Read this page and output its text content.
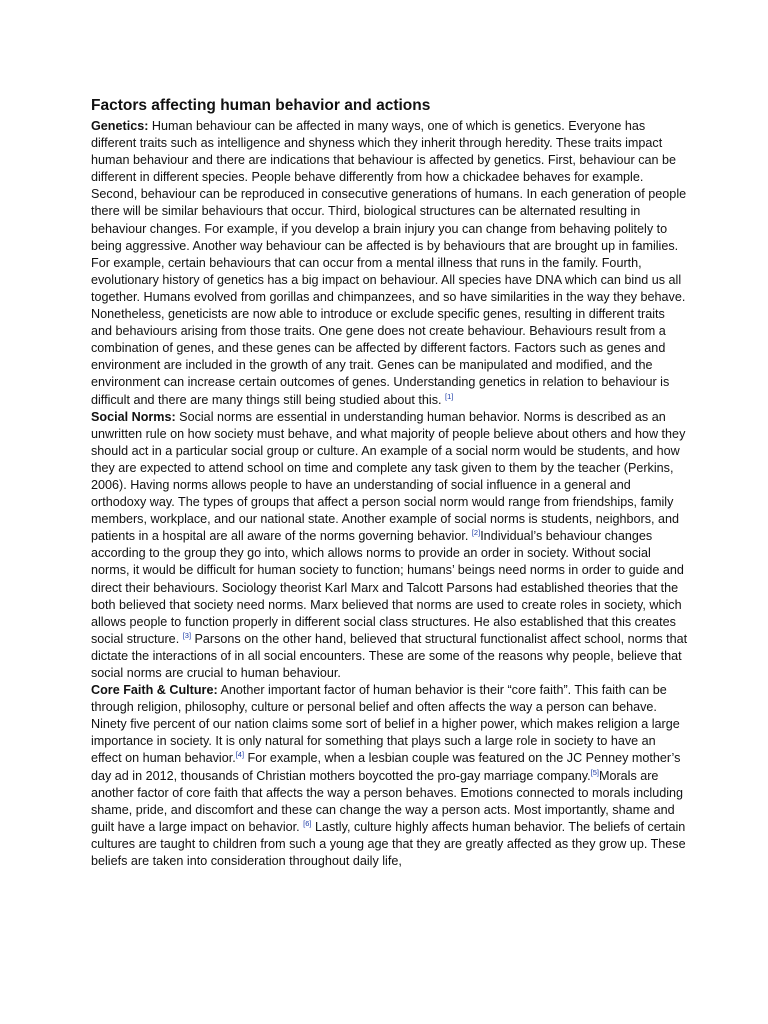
Factors affecting human behavior and actions

Genetics: Human behaviour can be affected in many ways, one of which is genetics. Everyone has different traits such as intelligence and shyness which they inherit through heredity. These traits impact human behaviour and there are indications that behaviour is affected by genetics. First, behaviour can be different in different species. People behave differently from how a chickadee behaves for example. Second, behaviour can be reproduced in consecutive generations of humans. In each generation of people there will be similar behaviours that occur. Third, biological structures can be alternated resulting in behaviour changes. For example, if you develop a brain injury you can change from behaving politely to being aggressive. Another way behaviour can be affected is by behaviours that are brought up in families. For example, certain behaviours that can occur from a mental illness that runs in the family. Fourth, evolutionary history of genetics has a big impact on behaviour. All species have DNA which can bind us all together. Humans evolved from gorillas and chimpanzees, and so have similarities in the way they behave. Nonetheless, geneticists are now able to introduce or exclude specific genes, resulting in different traits and behaviours arising from those traits. One gene does not create behaviour. Behaviours result from a combination of genes, and these genes can be affected by different factors. Factors such as genes and environment are included in the growth of any trait. Genes can be manipulated and modified, and the environment can increase certain outcomes of genes. Understanding genetics in relation to behaviour is difficult and there are many things still being studied about this. [1]

Social Norms: Social norms are essential in understanding human behavior. Norms is described as an unwritten rule on how society must behave, and what majority of people believe about others and how they should act in a particular social group or culture. An example of a social norm would be students, and how they are expected to attend school on time and complete any task given to them by the teacher (Perkins, 2006). Having norms allows people to have an understanding of social influence in a general and orthodoxy way. The types of groups that affect a person social norm would range from friendships, family members, workplace, and our national state. Another example of social norms is students, neighbors, and patients in a hospital are all aware of the norms governing behavior. [2]Individual’s behaviour changes according to the group they go into, which allows norms to provide an order in society. Without social norms, it would be difficult for human society to function; humans’ beings need norms in order to guide and direct their behaviours. Sociology theorist Karl Marx and Talcott Parsons had established theories that the both believed that society need norms. Marx believed that norms are used to create roles in society, which allows people to function properly in different social class structures. He also established that this creates social structure. [3] Parsons on the other hand, believed that structural functionalist affect school, norms that dictate the interactions of in all social encounters. These are some of the reasons why people, believe that social norms are crucial to human behaviour.

Core Faith & Culture: Another important factor of human behavior is their “core faith”. This faith can be through religion, philosophy, culture or personal belief and often affects the way a person can behave. Ninety five percent of our nation claims some sort of belief in a higher power, which makes religion a large importance in society. It is only natural for something that plays such a large role in society to have an effect on human behavior.[4] For example, when a lesbian couple was featured on the JC Penney mother’s day ad in 2012, thousands of Christian mothers boycotted the pro-gay marriage company.[5]Morals are another factor of core faith that affects the way a person behaves. Emotions connected to morals including shame, pride, and discomfort and these can change the way a person acts. Most importantly, shame and guilt have a large impact on behavior. [6] Lastly, culture highly affects human behavior. The beliefs of certain cultures are taught to children from such a young age that they are greatly affected as they grow up. These beliefs are taken into consideration throughout daily life,
